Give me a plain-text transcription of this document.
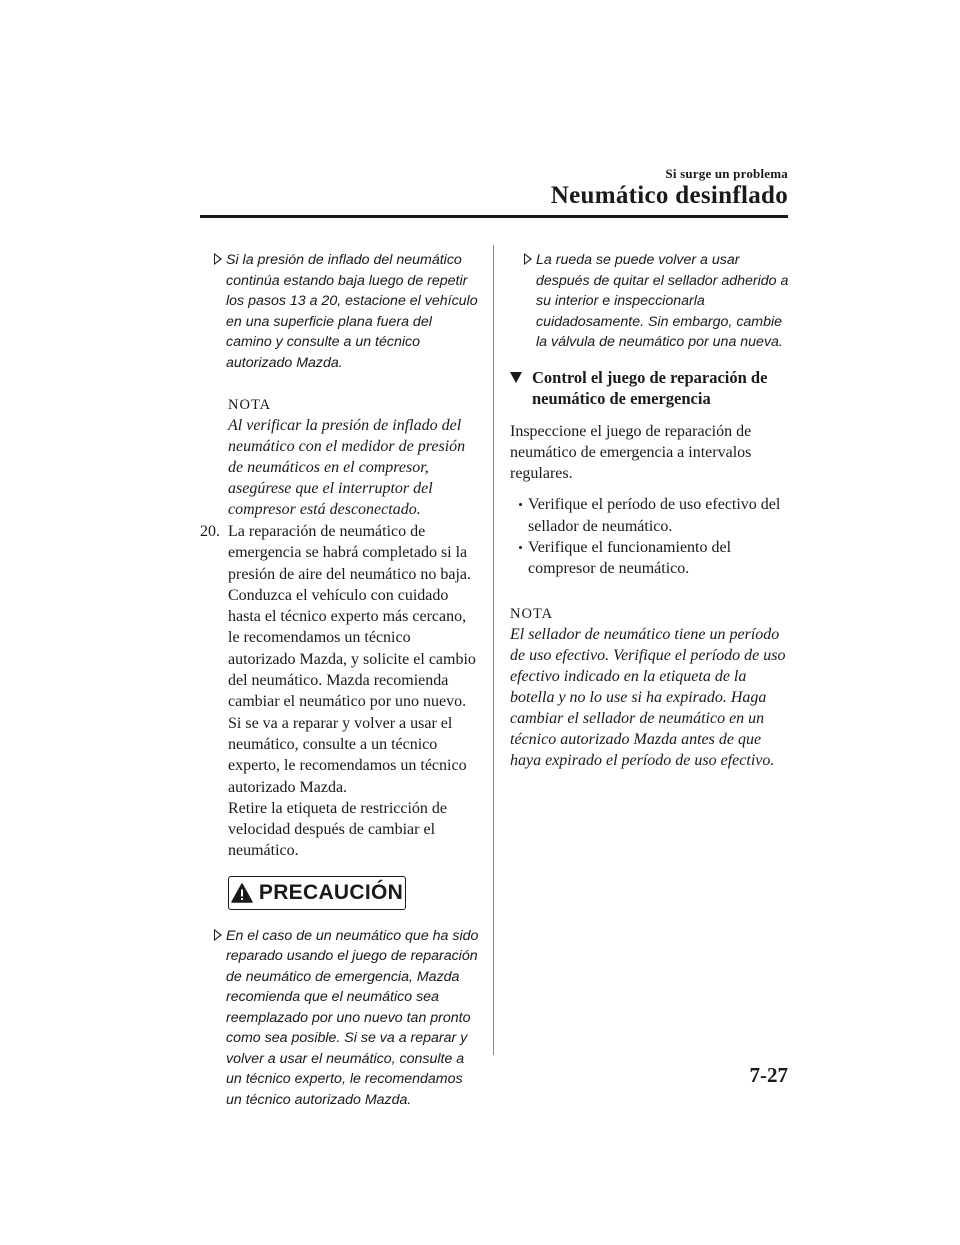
Si surge un problema
Neumático desinflado
Si la presión de inflado del neumático continúa estando baja luego de repetir los pasos 13 a 20, estacione el vehículo en una superficie plana fuera del camino y consulte a un técnico autorizado Mazda.
NOTA
Al verificar la presión de inflado del neumático con el medidor de presión de neumáticos en el compresor, asegúrese que el interruptor del compresor está desconectado.
20. La reparación de neumático de emergencia se habrá completado si la presión de aire del neumático no baja. Conduzca el vehículo con cuidado hasta el técnico experto más cercano, le recomendamos un técnico autorizado Mazda, y solicite el cambio del neumático. Mazda recomienda cambiar el neumático por uno nuevo. Si se va a reparar y volver a usar el neumático, consulte a un técnico experto, le recomendamos un técnico autorizado Mazda.
Retire la etiqueta de restricción de velocidad después de cambiar el neumático.
PRECAUCIÓN
En el caso de un neumático que ha sido reparado usando el juego de reparación de neumático de emergencia, Mazda recomienda que el neumático sea reemplazado por uno nuevo tan pronto como sea posible. Si se va a reparar y volver a usar el neumático, consulte a un técnico experto, le recomendamos un técnico autorizado Mazda.
La rueda se puede volver a usar después de quitar el sellador adherido a su interior e inspeccionarla cuidadosamente. Sin embargo, cambie la válvula de neumático por una nueva.
Control el juego de reparación de neumático de emergencia
Inspeccione el juego de reparación de neumático de emergencia a intervalos regulares.
Verifique el período de uso efectivo del sellador de neumático.
Verifique el funcionamiento del compresor de neumático.
NOTA
El sellador de neumático tiene un período de uso efectivo. Verifique el período de uso efectivo indicado en la etiqueta de la botella y no lo use si ha expirado. Haga cambiar el sellador de neumático en un técnico autorizado Mazda antes de que haya expirado el período de uso efectivo.
7-27
